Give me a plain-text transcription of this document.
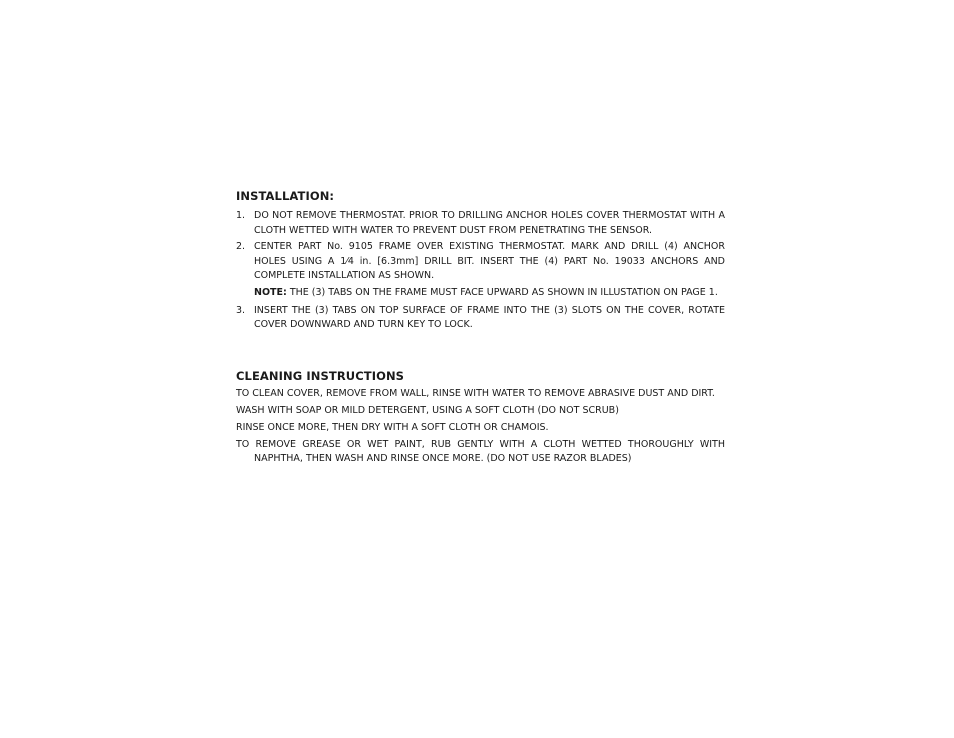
INSTALLATION:
1. DO NOT REMOVE THERMOSTAT. PRIOR TO DRILLING ANCHOR HOLES COVER THERMOSTAT WITH A CLOTH WETTED WITH WATER TO PREVENT DUST FROM PENETRATING THE SENSOR.
2. CENTER PART No. 9105 FRAME OVER EXISTING THERMOSTAT. MARK AND DRILL (4) ANCHOR HOLES USING A 1⁄4 in. [6.3mm] DRILL BIT. INSERT THE (4) PART No. 19033 ANCHORS AND COMPLETE INSTALLATION AS SHOWN.

NOTE: THE (3) TABS ON THE FRAME MUST FACE UPWARD AS SHOWN IN ILLUSTATION ON PAGE 1.

3. INSERT THE (3) TABS ON TOP SURFACE OF FRAME INTO THE (3) SLOTS ON THE COVER, ROTATE COVER DOWNWARD AND TURN KEY TO LOCK.
CLEANING INSTRUCTIONS
TO CLEAN COVER, REMOVE FROM WALL, RINSE WITH WATER TO REMOVE ABRASIVE DUST AND DIRT.
WASH WITH SOAP OR MILD DETERGENT, USING A SOFT CLOTH (DO NOT SCRUB)
RINSE ONCE MORE, THEN DRY WITH A SOFT CLOTH OR CHAMOIS.

TO REMOVE GREASE OR WET PAINT, RUB GENTLY WITH A CLOTH WETTED THOROUGHLY WITH NAPHTHA, THEN WASH AND RINSE ONCE MORE. (DO NOT USE RAZOR BLADES)
